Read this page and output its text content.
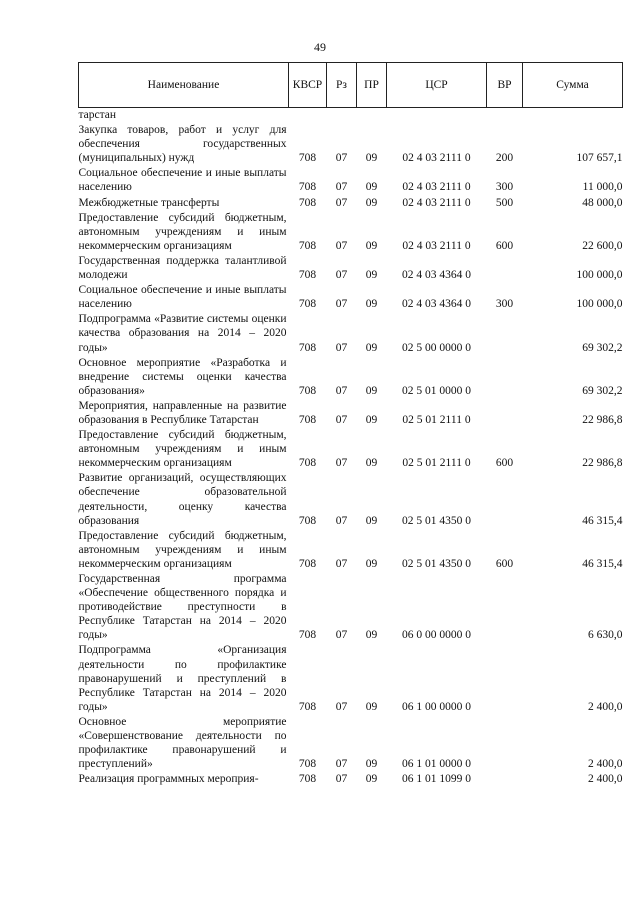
49
Наименование	КВСР	Рз	ПР	ЦСР	ВР	Сумма
тарстан						
Закупка товаров, работ и услуг для обеспечения государственных (муниципальных) нужд	708	07	09	02 4 03 2111 0	200	107 657,1
Социальное обеспечение и иные выплаты населению	708	07	09	02 4 03 2111 0	300	11 000,0
Межбюджетные трансферты	708	07	09	02 4 03 2111 0	500	48 000,0
Предоставление субсидий бюджетным, автономным учреждениям и иным некоммерческим организациям	708	07	09	02 4 03 2111 0	600	22 600,0
Государственная поддержка талантливой молодежи	708	07	09	02 4 03 4364 0		100 000,0
Социальное обеспечение и иные выплаты населению	708	07	09	02 4 03 4364 0	300	100 000,0
Подпрограмма «Развитие системы оценки качества образования на 2014 – 2020 годы»	708	07	09	02 5 00 0000 0		69 302,2
Основное мероприятие «Разработка и внедрение системы оценки качества образования»	708	07	09	02 5 01 0000 0		69 302,2
Мероприятия, направленные на развитие образования в Республике Татарстан	708	07	09	02 5 01 2111 0		22 986,8
Предоставление субсидий бюджетным, автономным учреждениям и иным некоммерческим организациям	708	07	09	02 5 01 2111 0	600	22 986,8
Развитие организаций, осуществляющих обеспечение образовательной деятельности, оценку качества образования	708	07	09	02 5 01 4350 0		46 315,4
Предоставление субсидий бюджетным, автономным учреждениям и иным некоммерческим организациям	708	07	09	02 5 01 4350 0	600	46 315,4
Государственная программа «Обеспечение общественного порядка и противодействие преступности в Республике Татарстан на 2014 – 2020 годы»	708	07	09	06 0 00 0000 0		6 630,0
Подпрограмма «Организация деятельности по профилактике правонарушений и преступлений в Республике Татарстан на 2014 – 2020 годы»	708	07	09	06 1 00 0000 0		2 400,0
Основное мероприятие «Совершенствование деятельности по профилактике правонарушений и преступлений»	708	07	09	06 1 01 0000 0		2 400,0
Реализация программных мероприя-	708	07	09	06 1 01 1099 0		2 400,0
